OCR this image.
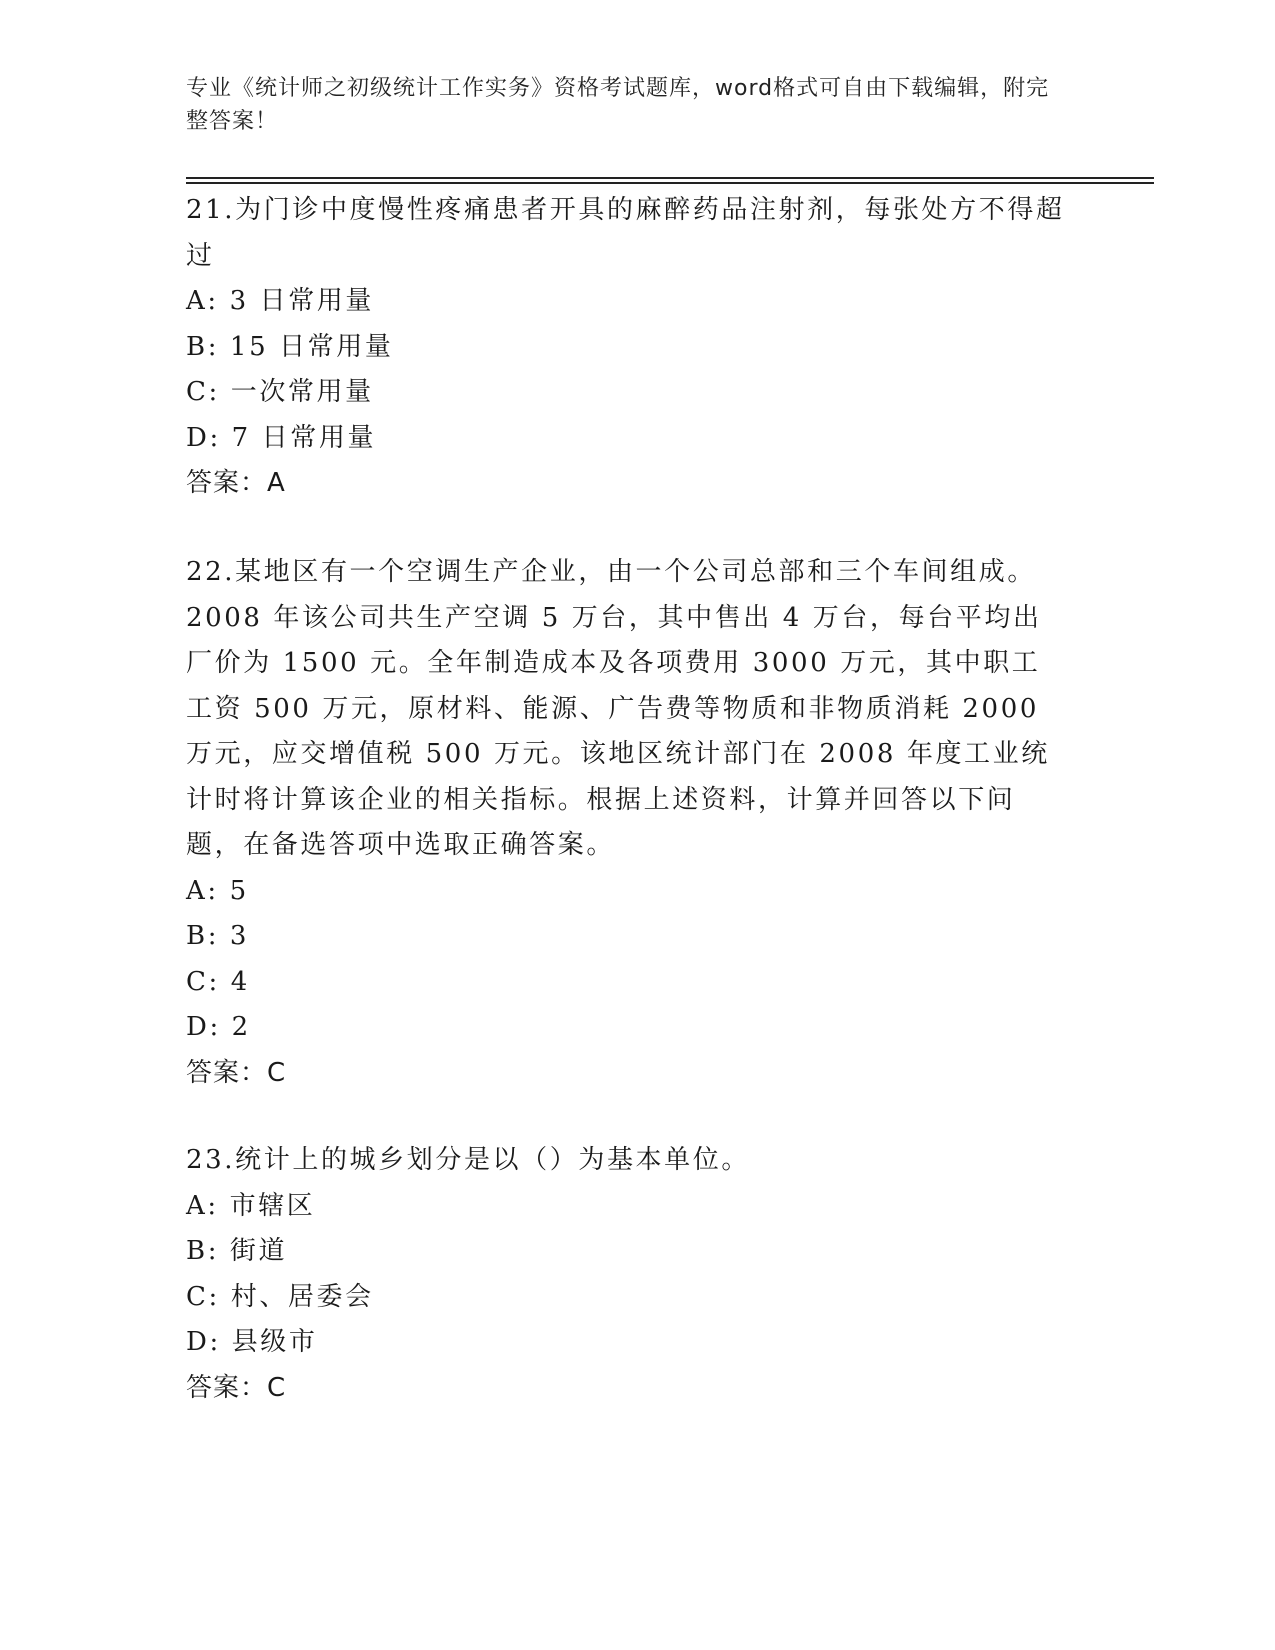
专业《统计师之初级统计工作实务》资格考试题库，word格式可自由下载编辑，附完整答案！

21.为门诊中度慢性疼痛患者开具的麻醉药品注射剂，每张处方不得超过

A: 3 日常用量

B: 15 日常用量

C: 一次常用量

D: 7 日常用量

答案：A

22.某地区有一个空调生产企业，由一个公司总部和三个车间组成。2008 年该公司共生产空调 5 万台，其中售出 4 万台，每台平均出厂价为 1500 元。全年制造成本及各项费用 3000 万元，其中职工工资 500 万元，原材料、能源、广告费等物质和非物质消耗 2000 万元，应交增值税 500 万元。该地区统计部门在 2008 年度工业统计时将计算该企业的相关指标。根据上述资料，计算并回答以下问题，在备选答项中选取正确答案。

A: 5

B: 3

C: 4

D: 2

答案：C

23.统计上的城乡划分是以（）为基本单位。

A: 市辖区

B: 街道

C: 村、居委会

D: 县级市

答案：C
